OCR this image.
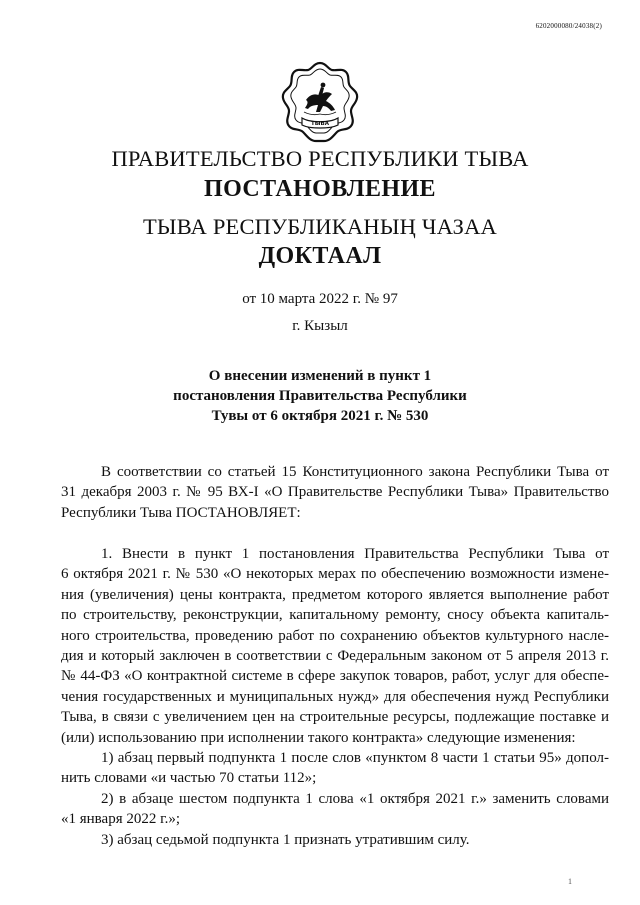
6202000080/24038(2)
ТЫВА
ПРАВИТЕЛЬСТВО РЕСПУБЛИКИ ТЫВА
ПОСТАНОВЛЕНИЕ
ТЫВА РЕСПУБЛИКАНЫҢ ЧАЗАА
ДОКТААЛ
от 10 марта 2022 г. № 97
г. Кызыл
О внесении изменений в пункт 1
постановления Правительства Республики
Тувы от 6 октября 2021 г. № 530
В соответствии со статьей 15 Конституционного закона Республики Тыва от
31 декабря 2003 г. № 95 ВХ-I «О Правительстве Республики Тыва» Правительство
Республики Тыва ПОСТАНОВЛЯЕТ:
1. Внести в пункт 1 постановления Правительства Республики Тыва от
6 октября 2021 г. № 530 «О некоторых мерах по обеспечению возможности измене-
ния (увеличения) цены контракта, предметом которого является выполнение работ
по строительству, реконструкции, капитальному ремонту, сносу объекта капиталь-
ного строительства, проведению работ по сохранению объектов культурного насле-
дия и который заключен в соответствии с Федеральным законом от 5 апреля 2013 г.
№ 44-ФЗ «О контрактной системе в сфере закупок товаров, работ, услуг для обеспе-
чения государственных и муниципальных нужд» для обеспечения нужд Республики
Тыва, в связи с увеличением цен на строительные ресурсы, подлежащие поставке и
(или) использованию при исполнении такого контракта» следующие изменения:
1) абзац первый подпункта 1 после слов «пунктом 8 части 1 статьи 95» допол-
нить словами «и частью 70 статьи 112»;
2) в абзаце шестом подпункта 1 слова «1 октября 2021 г.» заменить словами
«1 января 2022 г.»;
3) абзац седьмой подпункта 1 признать утратившим силу.
1
